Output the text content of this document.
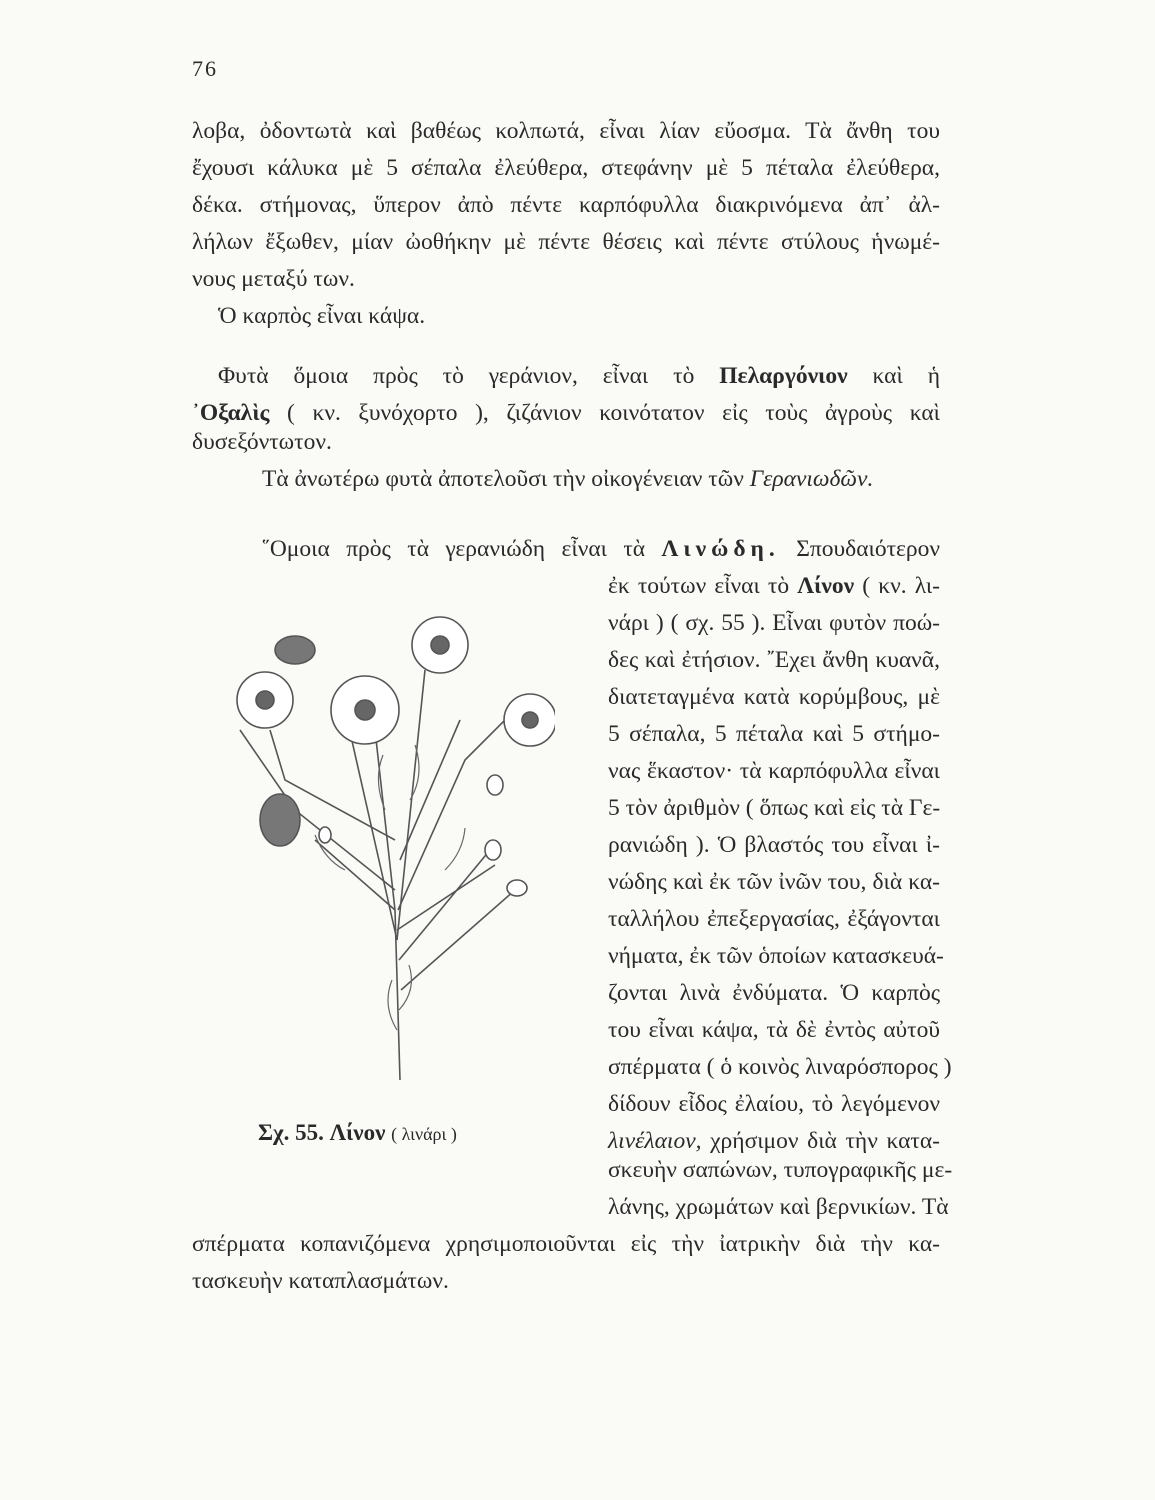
76
λοβα, ὀδοντωτὰ καὶ βαθέως κολπωτά, εἶναι λίαν εὔοσμα. Τὰ ἄνθη του
ἔχουσι κάλυκα μὲ 5 σέπαλα ἐλεύθερα, στεφάνην μὲ 5 πέταλα ἐλεύθερα,
δέκα. στήμονας, ὕπερον ἀπὸ πέντε καρπόφυλλα διακρινόμενα ἀπ᾽ ἀλ-
λήλων ἔξωθεν, μίαν ὠοθήκην μὲ πέντε θέσεις καὶ πέντε στύλους ἡνωμέ-
νους μεταξύ των.
Ὁ καρπὸς εἶναι κάψα.
Φυτὰ ὅμοια πρὸς τὸ γεράνιον, εἶναι τὸ Πελαργόνιον καὶ ἡ
᾽Οξαλὶς ( κν. ξυνόχορτο ), ζιζάνιον κοινότατον εἰς τοὺς ἀγροὺς καὶ
δυσεξόντωτον.
Τὰ ἀνωτέρω φυτὰ ἀποτελοῦσι τὴν οἰκογένειαν τῶν Γερανιωδῶν.
῞Ομοια πρὸς τὰ γερανιώδη εἶναι τὰ Λινώδη. Σπουδαιότερον
ἐκ τούτων εἶναι τὸ Λίνον ( κν. λι-
νάρι ) ( σχ. 55 ). Εἶναι φυτὸν ποώ-
δες καὶ ἐτήσιον. ῎Εχει ἄνθη κυανᾶ,
διατεταγμένα κατὰ κορύμβους, μὲ
5 σέπαλα, 5 πέταλα καὶ 5 στήμο-
νας ἕκαστον· τὰ καρπόφυλλα εἶναι
5 τὸν ἀριθμὸν ( ὅπως καὶ εἰς τὰ Γε-
ρανιώδη ). Ὁ βλαστός του εἶναι ἰ-
νώδης καὶ ἐκ τῶν ἰνῶν του, διὰ κα-
ταλλήλου ἐπεξεργασίας, ἐξάγονται
νήματα, ἐκ τῶν ὁποίων κατασκευά-
ζονται λινὰ ἐνδύματα. Ὁ καρπὸς
του εἶναι κάψα, τὰ δὲ ἐντὸς αὐτοῦ
σπέρματα ( ὁ κοινὸς λιναρόσπορος )
δίδουν εἶδος ἐλαίου, τὸ λεγόμενον
λινέλαιον, χρήσιμον διὰ τὴν κατα-
σκευὴν σαπώνων, τυπογραφικῆς με-
λάνης, χρωμάτων καὶ βερνικίων. Τὰ
σπέρματα κοπανιζόμενα χρησιμοποιοῦνται εἰς τὴν ἰατρικὴν διὰ τὴν κα-
τασκευὴν καταπλασμάτων.
Σχ. 55. Λίνον ( λινάρι )
